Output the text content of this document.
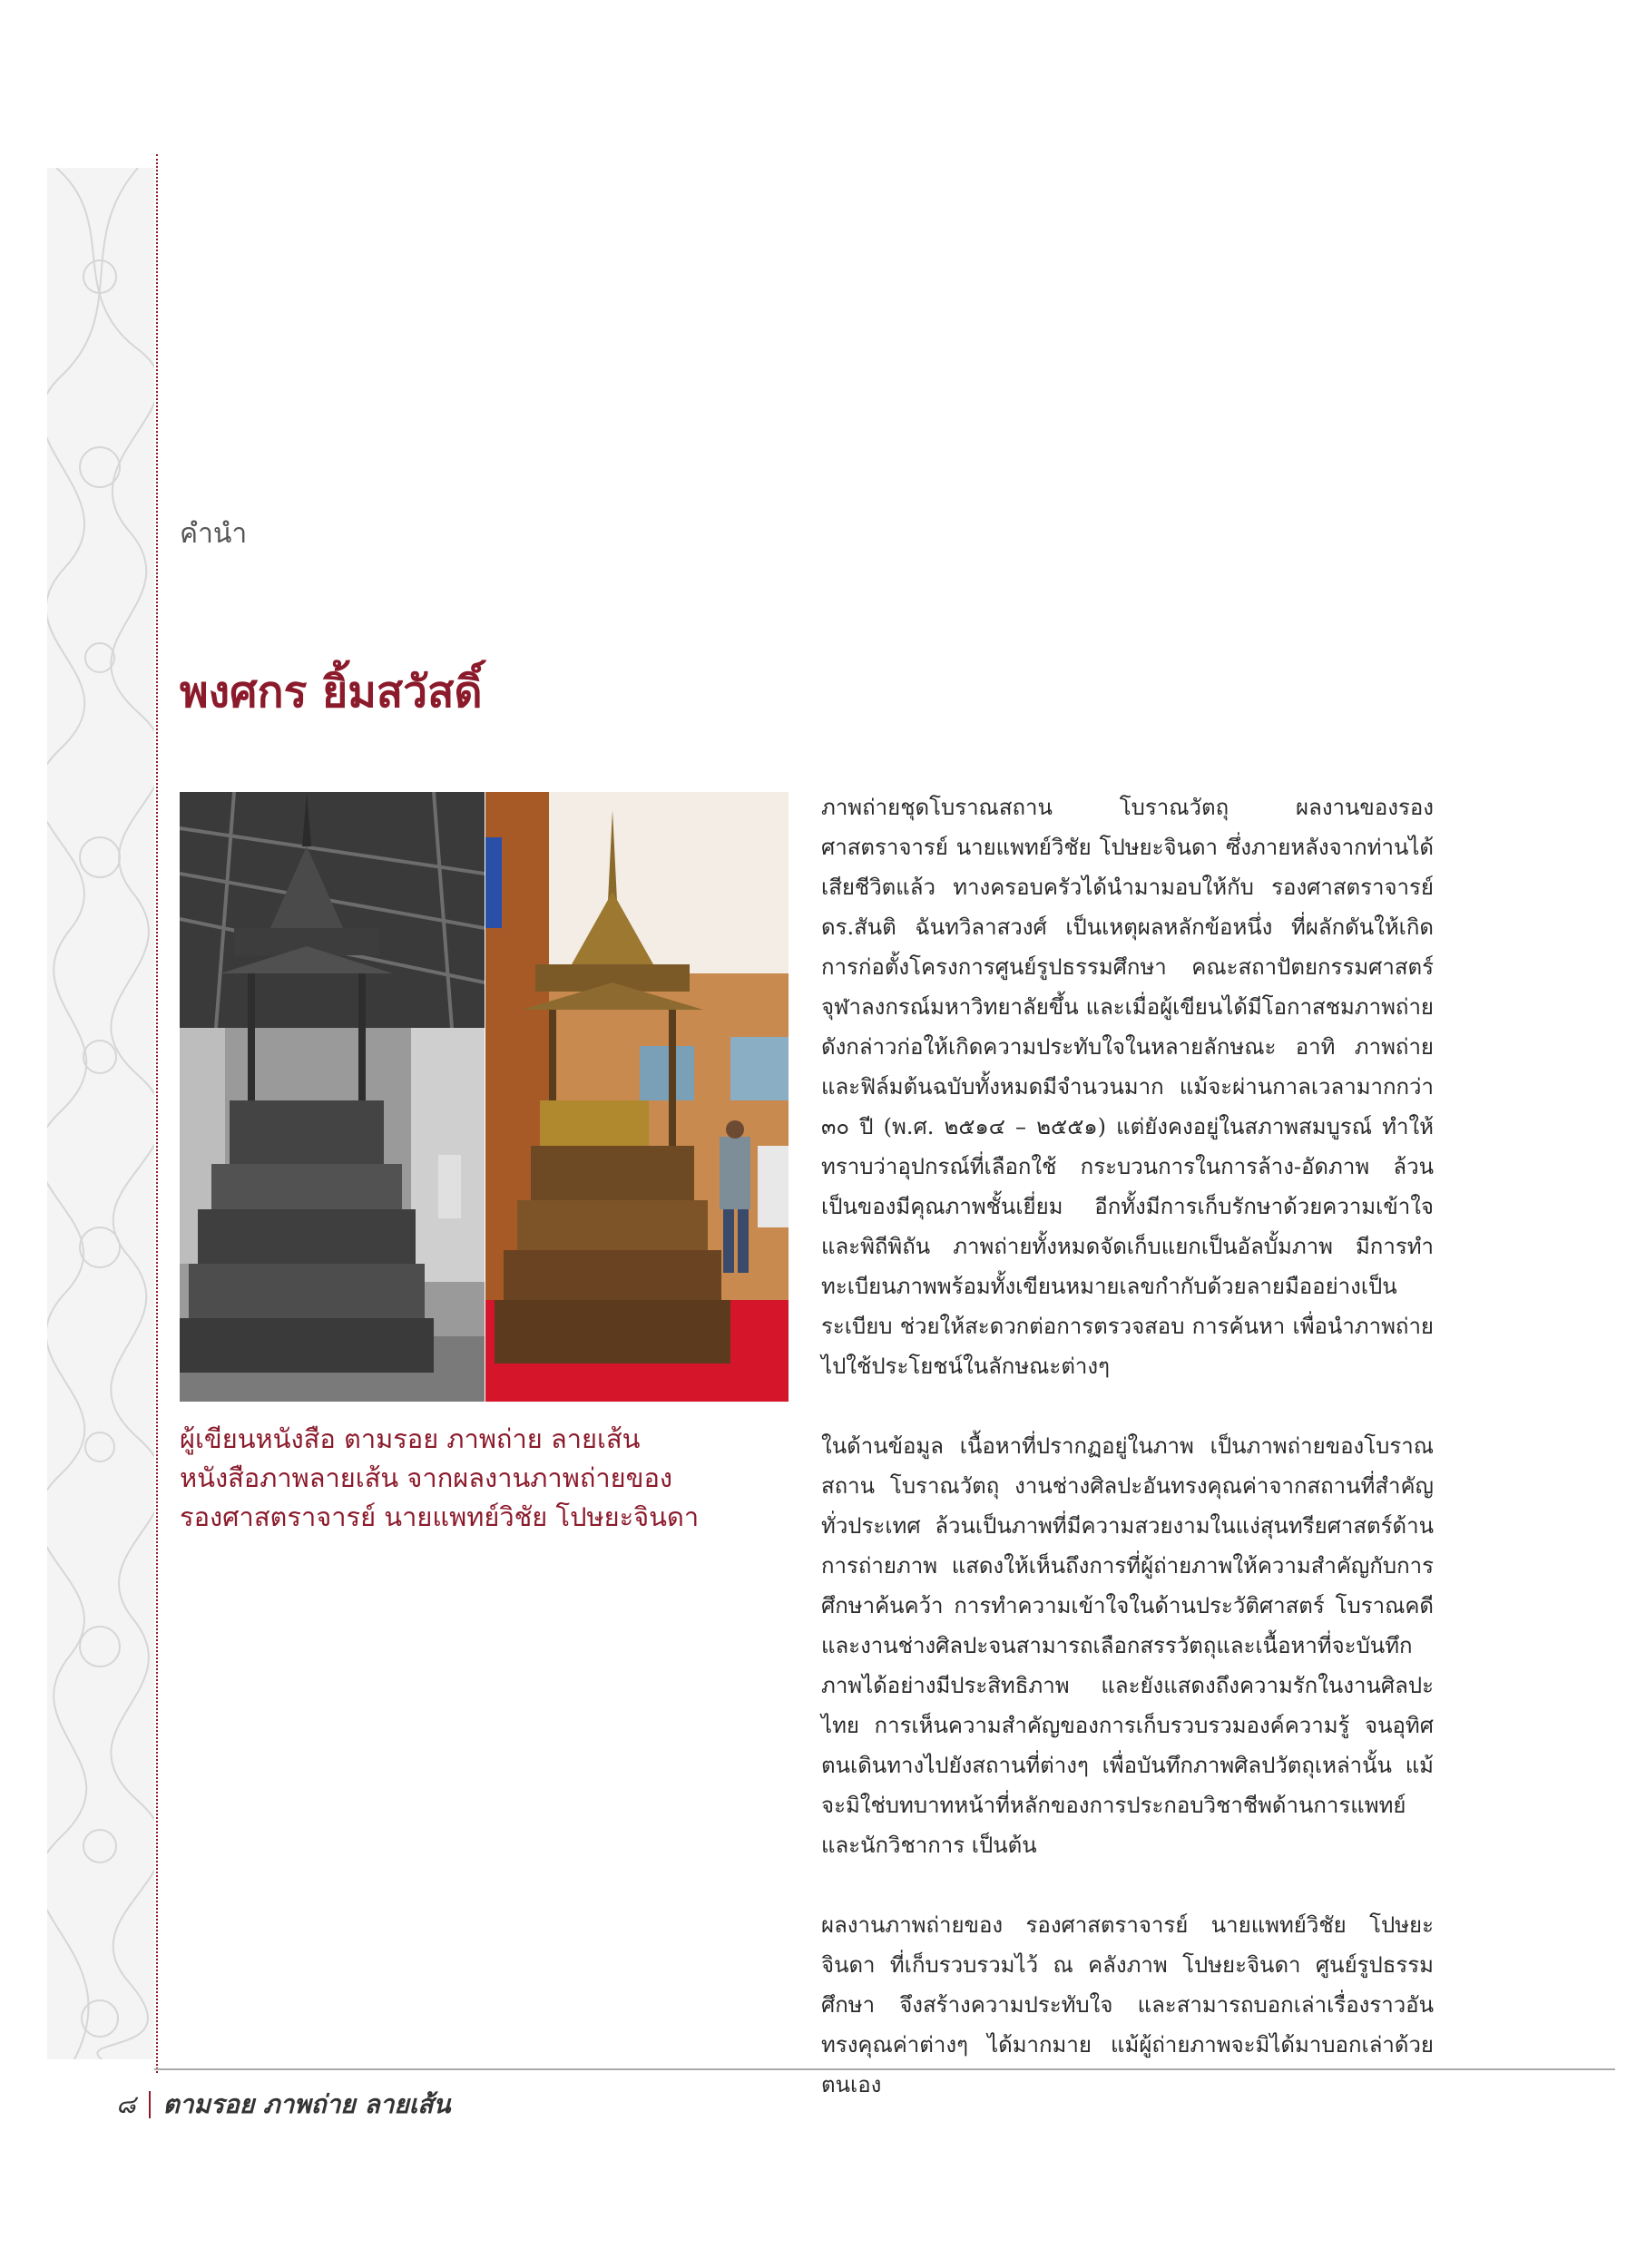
คำนำ
พงศกร ยิ้มสวัสดิ์
ผู้เขียนหนังสือ ตามรอย ภาพถ่าย ลายเส้น
หนังสือภาพลายเส้น จากผลงานภาพถ่ายของ
รองศาสตราจารย์ นายแพทย์วิชัย โปษยะจินดา

ภาพถ่ายชุดโบราณสถาน โบราณวัตถุ ผลงานของรองศาสตราจารย์ นายแพทย์วิชัย โปษยะจินดา ซึ่งภายหลังจากท่านได้เสียชีวิตแล้ว ทางครอบครัวได้นำมามอบให้กับ รองศาสตราจารย์ ดร.สันติ ฉันทวิลาสวงศ์ เป็นเหตุผลหลักข้อหนึ่ง ที่ผลักดันให้เกิดการก่อตั้งโครงการศูนย์รูปธรรมศึกษา คณะสถาปัตยกรรมศาสตร์ จุฬาลงกรณ์มหาวิทยาลัยขึ้น และเมื่อผู้เขียนได้มีโอกาสชมภาพถ่ายดังกล่าวก่อให้เกิดความประทับใจในหลายลักษณะ อาทิ ภาพถ่ายและฟิล์มต้นฉบับทั้งหมดมีจำนวนมาก แม้จะผ่านกาลเวลามากกว่า ๓๐ ปี (พ.ศ. ๒๕๑๔ – ๒๕๕๑) แต่ยังคงอยู่ในสภาพสมบูรณ์ ทำให้ทราบว่าอุปกรณ์ที่เลือกใช้ กระบวนการในการล้าง-อัดภาพ ล้วนเป็นของมีคุณภาพชั้นเยี่ยม อีกทั้งมีการเก็บรักษาด้วยความเข้าใจและพิถีพิถัน ภาพถ่ายทั้งหมดจัดเก็บแยกเป็นอัลบั้มภาพ มีการทำทะเบียนภาพพร้อมทั้งเขียนหมายเลขกำกับด้วยลายมืออย่างเป็นระเบียบ ช่วยให้สะดวกต่อการตรวจสอบ การค้นหา เพื่อนำภาพถ่ายไปใช้ประโยชน์ในลักษณะต่างๆ

ในด้านข้อมูล เนื้อหาที่ปรากฏอยู่ในภาพ เป็นภาพถ่ายของโบราณสถาน โบราณวัตถุ งานช่างศิลปะอันทรงคุณค่าจากสถานที่สำคัญทั่วประเทศ ล้วนเป็นภาพที่มีความสวยงามในแง่สุนทรียศาสตร์ด้านการถ่ายภาพ แสดงให้เห็นถึงการที่ผู้ถ่ายภาพให้ความสำคัญกับการศึกษาค้นคว้า การทำความเข้าใจในด้านประวัติศาสตร์ โบราณคดี และงานช่างศิลปะจนสามารถเลือกสรรวัตถุและเนื้อหาที่จะบันทึกภาพได้อย่างมีประสิทธิภาพ และยังแสดงถึงความรักในงานศิลปะไทย การเห็นความสำคัญของการเก็บรวบรวมองค์ความรู้ จนอุทิศตนเดินทางไปยังสถานที่ต่างๆ เพื่อบันทึกภาพศิลปวัตถุเหล่านั้น แม้จะมิใช่บทบาทหน้าที่หลักของการประกอบวิชาชีพด้านการแพทย์ และนักวิชาการ เป็นต้น

ผลงานภาพถ่ายของ รองศาสตราจารย์ นายแพทย์วิชัย โปษยะจินดา ที่เก็บรวบรวมไว้ ณ คลังภาพ โปษยะจินดา ศูนย์รูปธรรมศึกษา จึงสร้างความประทับใจ และสามารถบอกเล่าเรื่องราวอันทรงคุณค่าต่างๆ ได้มากมาย แม้ผู้ถ่ายภาพจะมิได้มาบอกเล่าด้วยตนเอง

๘ ตามรอย ภาพถ่าย ลายเส้น
